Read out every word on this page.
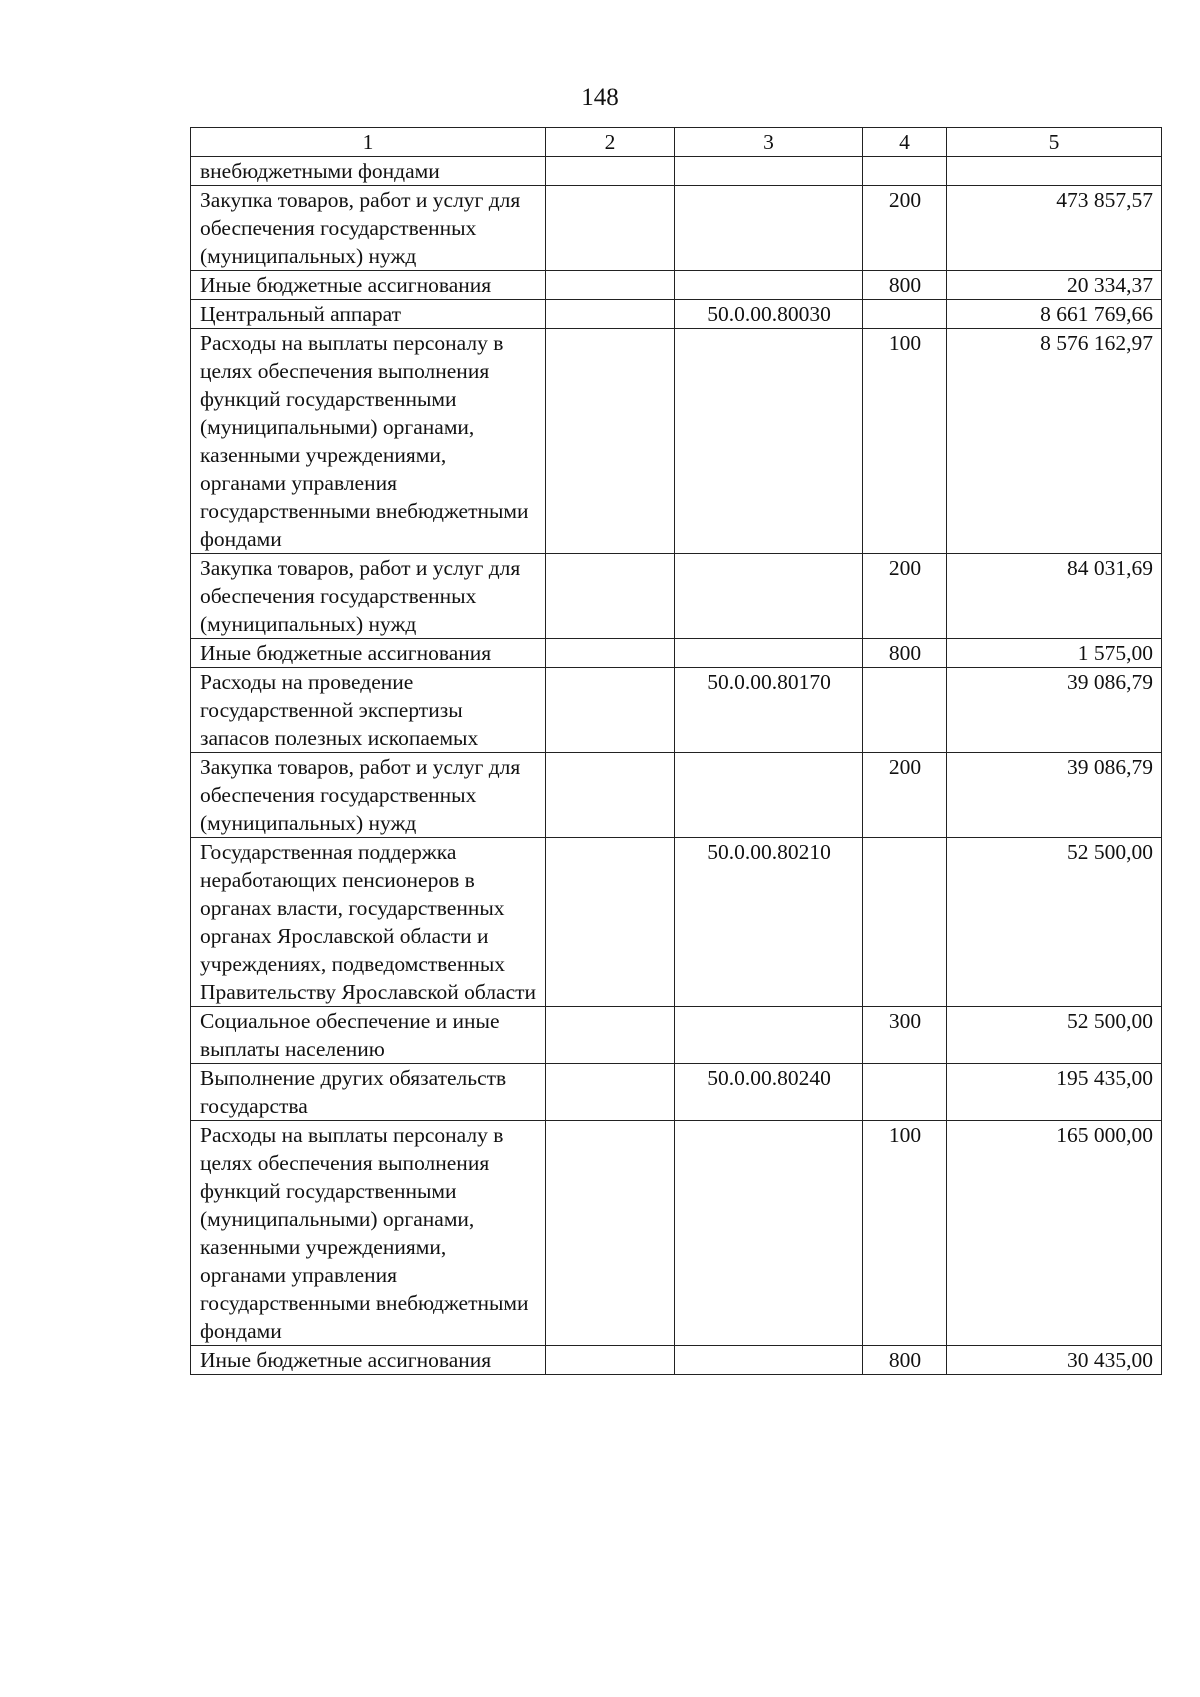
148
1	2	3	4	5
внебюджетными фондами				
Закупка товаров, работ и услуг для обеспечения государственных (муниципальных) нужд			200	473 857,57
Иные бюджетные ассигнования			800	20 334,37
Центральный аппарат		50.0.00.80030		8 661 769,66
Расходы на выплаты персоналу в целях обеспечения выполнения функций государственными (муниципальными) органами, казенными учреждениями, органами управления государственными внебюджетными фондами			100	8 576 162,97
Закупка товаров, работ и услуг для обеспечения государственных (муниципальных) нужд			200	84 031,69
Иные бюджетные ассигнования			800	1 575,00
Расходы на проведение государственной экспертизы запасов полезных ископаемых		50.0.00.80170		39 086,79
Закупка товаров, работ и услуг для обеспечения государственных (муниципальных) нужд			200	39 086,79
Государственная поддержка неработающих пенсионеров в органах власти, государственных органах Ярославской области и учреждениях, подведомственных Правительству Ярославской области		50.0.00.80210		52 500,00
Социальное обеспечение и иные выплаты населению			300	52 500,00
Выполнение других обязательств государства		50.0.00.80240		195 435,00
Расходы на выплаты персоналу в целях обеспечения выполнения функций государственными (муниципальными) органами, казенными учреждениями, органами управления государственными внебюджетными фондами			100	165 000,00
Иные бюджетные ассигнования			800	30 435,00
